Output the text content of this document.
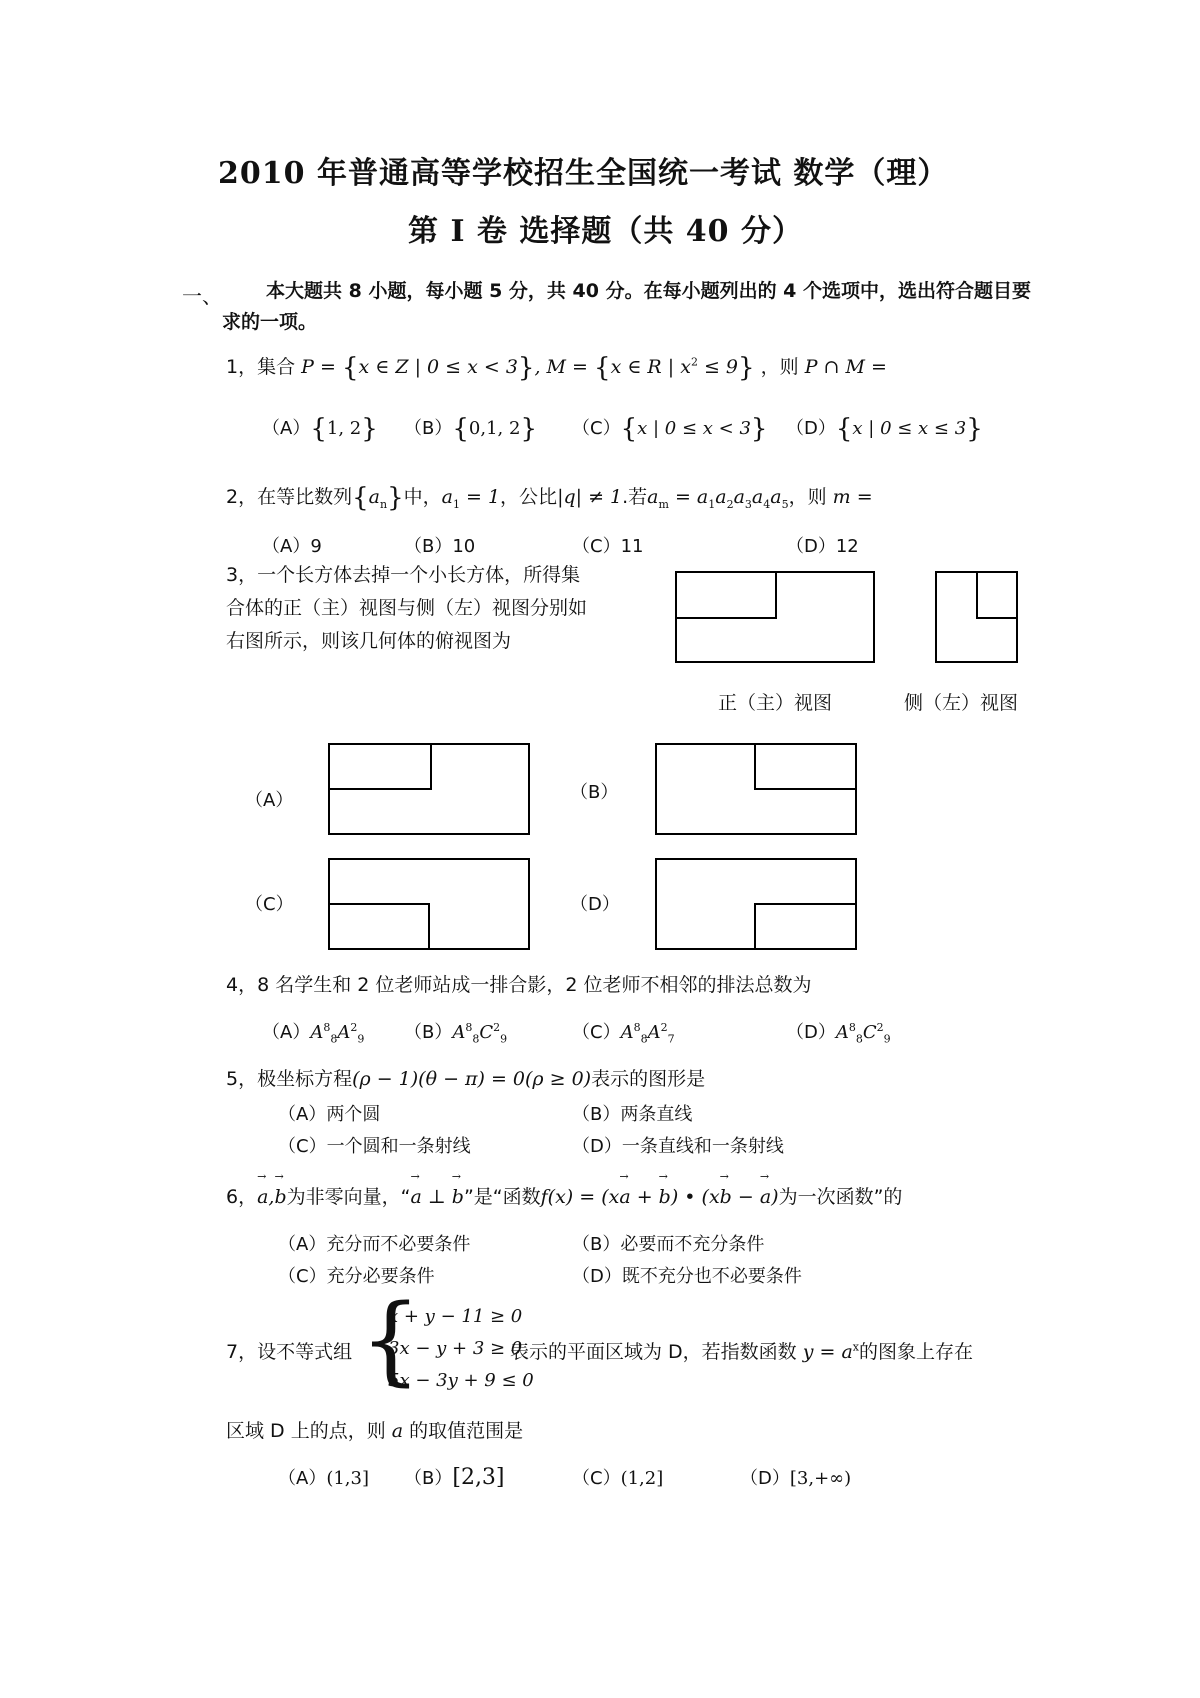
2010 年普通高等学校招生全国统一考试 数学（理）
第 I 卷 选择题（共 40 分）
一、	本大题共 8 小题，每小题 5 分，共 40 分。在每小题列出的 4 个选项中，选出符合题目要求的一项。
1，集合 P = {x ∈ Z | 0 ≤ x < 3}, M = {x ∈ R | $x^2 \le 9$} ，则 P ∩ M =
（A）{1, 2} （B）{0,1, 2} （C）{x | 0 ≤ x < 3} （D）{x | 0 ≤ x ≤ 3}
2，在等比数列$\{a_n\}$中，$a_1 = 1$，公比|q| ≠ 1.若$a_m = a_1a_2a_3a_4a_5$，则 m =
（A）9	（B）10	（C）11	（D）12
3，一个长方体去掉一个小长方体，所得集
合体的正（主）视图与侧（左）视图分别如
右图所示，则该几何体的俯视图为
正（主）视图	侧（左）视图
（A）	（B）
（C）	（D）
4，8 名学生和 2 位老师站成一排合影，2 位老师不相邻的排法总数为
$(A)A^8_8A^2_9$ $(B)A^8_8C^2_9$	$(C)A^8_8A^2_7$	$(D)A^8_8C^2_9$
5，极坐标方程(ρ − 1)(θ − π) = 0(ρ ≥ 0)表示的图形是
（A）两个圆	（B）两条直线
（C）一个圆和一条射线	（D）一条直线和一条射线
6，→ a,→ b为非零向量，“→ a ⊥ → b”是“函数f(x) = (x→ a + → b) • (x→ b − → a)为一次函数”的
（A）充分而不必要条件	（B）必要而不充分条件
（C）充分必要条件	（D）既不充分也不必要条件
7，设不等式组 {
x + y − 11 ≥ 0
3x − y + 3 ≥ 0
5x − 3y + 9 ≤ 0
表示的平面区域为 D，若指数函数 $y = a^x$的图象上存在
区域 D 上的点，则 a 的取值范围是
（A）(1,3] （B）[2,3]	（C）(1,2]	（D）[3,+∞)
